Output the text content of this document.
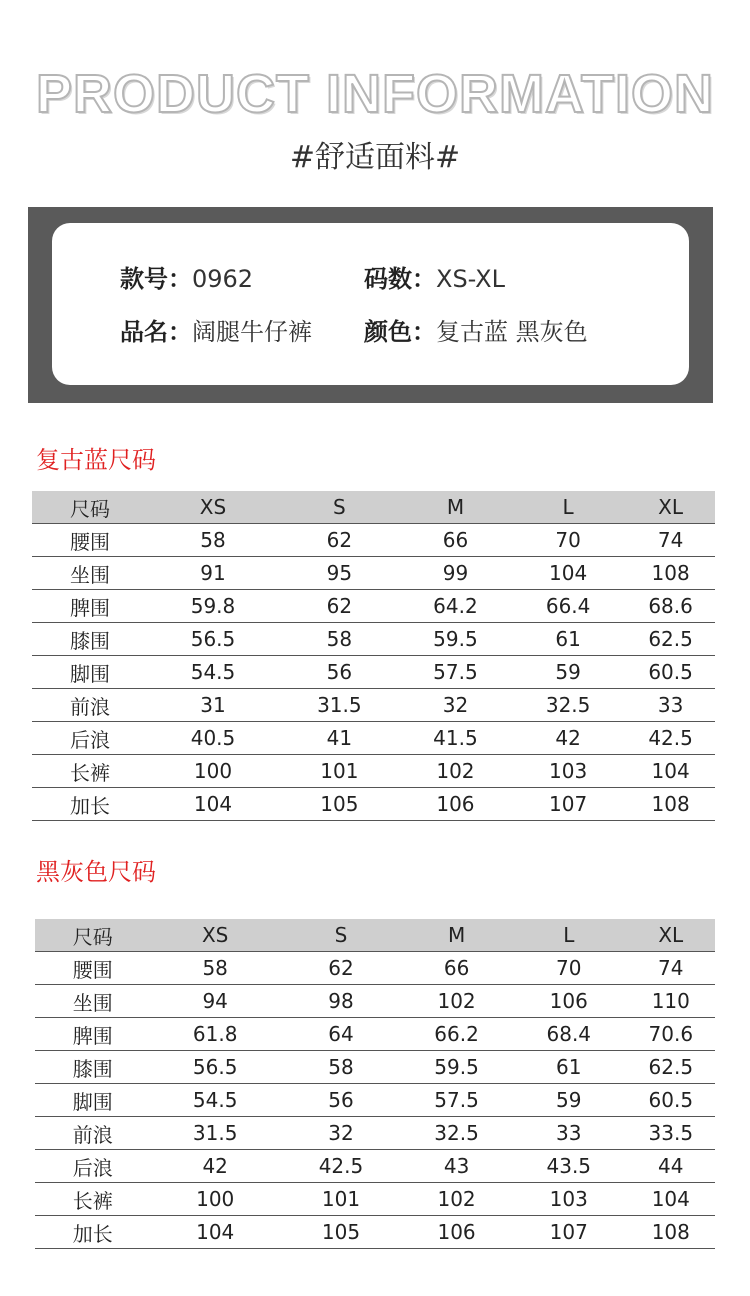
PRODUCT INFORMATION
#舒适面料#
款号：0962	码数：XS-XL
品名：阔腿牛仔裤 颜色：复古蓝 黑灰色
复古蓝尺码
尺码	XS	S	M	L	XL
腰围	58	62	66	70	74
坐围	91	95	99	104	108
脾围	59.8	62	64.2	66.4	68.6
膝围	56.5	58	59.5	61	62.5
脚围	54.5	56	57.5	59	60.5
前浪	31	31.5	32	32.5	33
后浪	40.5	41	41.5	42	42.5
长裤	100	101	102	103	104
加长	104	105	106	107	108
黑灰色尺码
尺码	XS	S	M	L	XL
腰围	58	62	66	70	74
坐围	94	98	102	106	110
脾围	61.8	64	66.2	68.4	70.6
膝围	56.5	58	59.5	61	62.5
脚围	54.5	56	57.5	59	60.5
前浪	31.5	32	32.5	33	33.5
后浪	42	42.5	43	43.5	44
长裤	100	101	102	103	104
加长	104	105	106	107	108
